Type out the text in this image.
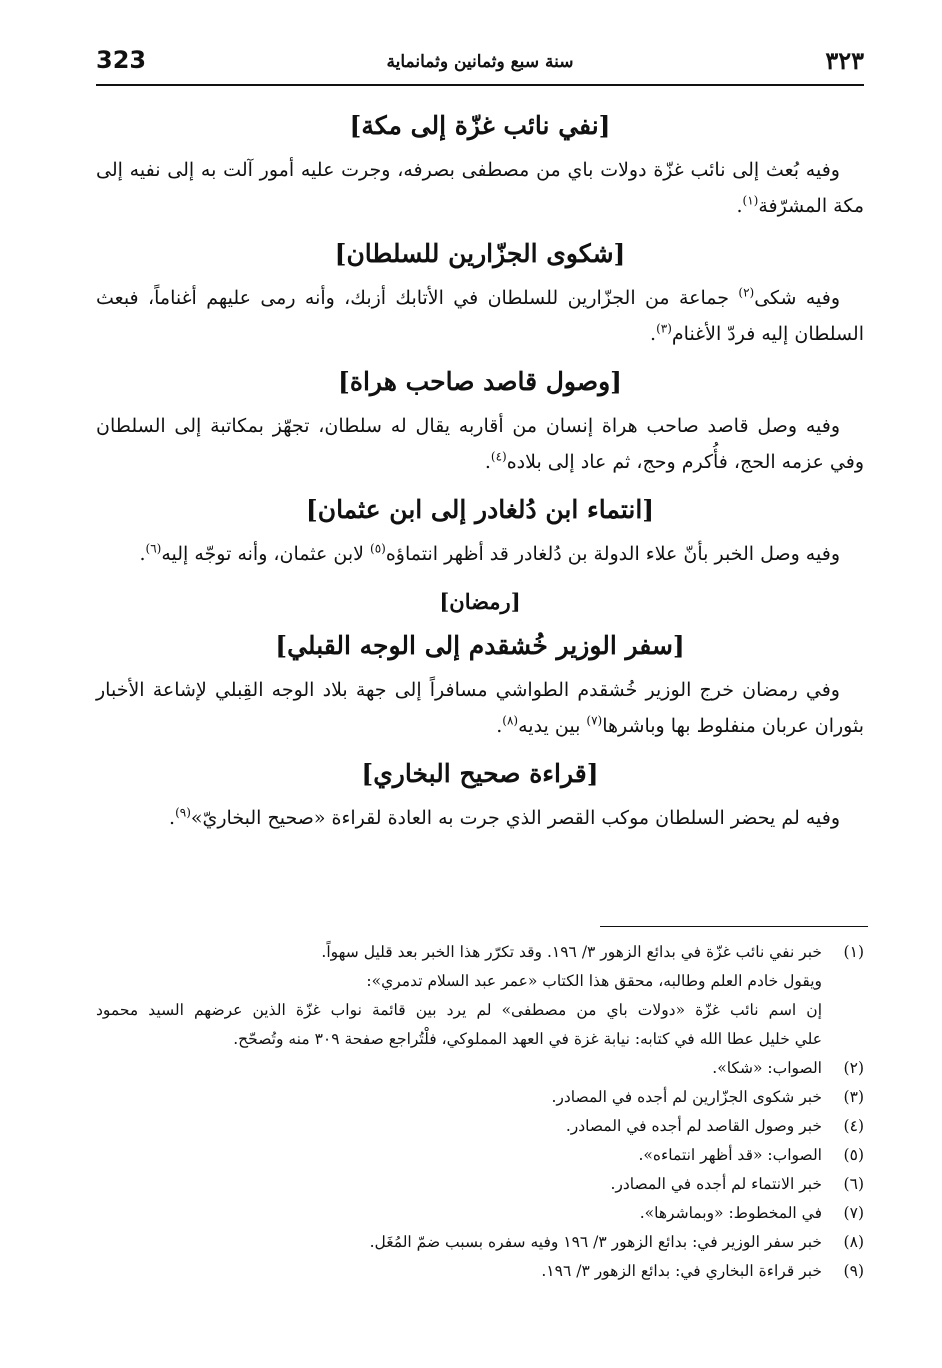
٣٢٣
سنة سبع وثمانين وثمانماية
323
[نفي نائب غزّة إلى مكة]

وفيه بُعث إلى نائب غزّة دولات باي من مصطفى بصرفه، وجرت عليه أمور آلت به إلى نفيه إلى مكة المشرّفة$^{(١)}$.

[شكوى الجزّارين للسلطان]

وفيه شكى$^{(٢)}$ جماعة من الجزّارين للسلطان في الأتابك أزبك، وأنه رمى عليهم أغناماً، فبعث السلطان إليه فردّ الأغنام$^{(٣)}$.

[وصول قاصد صاحب هراة]

وفيه وصل قاصد صاحب هراة إنسان من أقاربه يقال له سلطان، تجهّز بمكاتبة إلى السلطان وفي عزمه الحج، فأُكرم وحج، ثم عاد إلى بلاده$^{(٤)}$.

[انتماء ابن دُلغادر إلى ابن عثمان]

وفيه وصل الخبر بأنّ علاء الدولة بن دُلغادر قد أظهر انتماؤه$^{(٥)}$ لابن عثمان، وأنه توجّه إليه$^{(٦)}$.

[رمضان]
[سفر الوزير خُشقدم إلى الوجه القبلي]

وفي رمضان خرج الوزير خُشقدم الطواشي مسافراً إلى جهة بلاد الوجه القِبلي لإشاعة الأخبار بثوران عربان منفلوط بها وباشرها$^{(٧)}$ بين يديه$^{(٨)}$.

[قراءة صحيح البخاري]

وفيه لم يحضر السلطان موكب القصر الذي جرت به العادة لقراءة «صحيح البخاريّ»$^{(٩)}$.

(١)
خبر نفي نائب غزّة في بدائع الزهور ٣/ ١٩٦. وقد تكرّر هذا الخبر بعد قليل سهواً.
ويقول خادم العلم وطالبه، محقق هذا الكتاب «عمر عبد السلام تدمري»:
إن اسم نائب غزّة «دولات باي من مصطفى» لم يرد بين قائمة نواب غزّة الذين عرضهم السيد محمود
علي خليل عطا الله في كتابه: نيابة غزة في العهد المملوكي، فلْتُراجع صفحة ٣٠٩ منه وتُصحّح.
(٢)
الصواب: «شكا».
(٣)
خبر شكوى الجزّارين لم أجده في المصادر.
(٤)
خبر وصول القاصد لم أجده في المصادر.
(٥)
الصواب: «قد أظهر انتماءه».
(٦)
خبر الانتماء لم أجده في المصادر.
(٧)
في المخطوط: «وبماشرها».
(٨)
خبر سفر الوزير في: بدائع الزهور ٣/ ١٩٦ وفيه سفره بسبب ضمّ المُغَل.
(٩)
خبر قراءة البخاري في: بدائع الزهور ٣/ ١٩٦.
